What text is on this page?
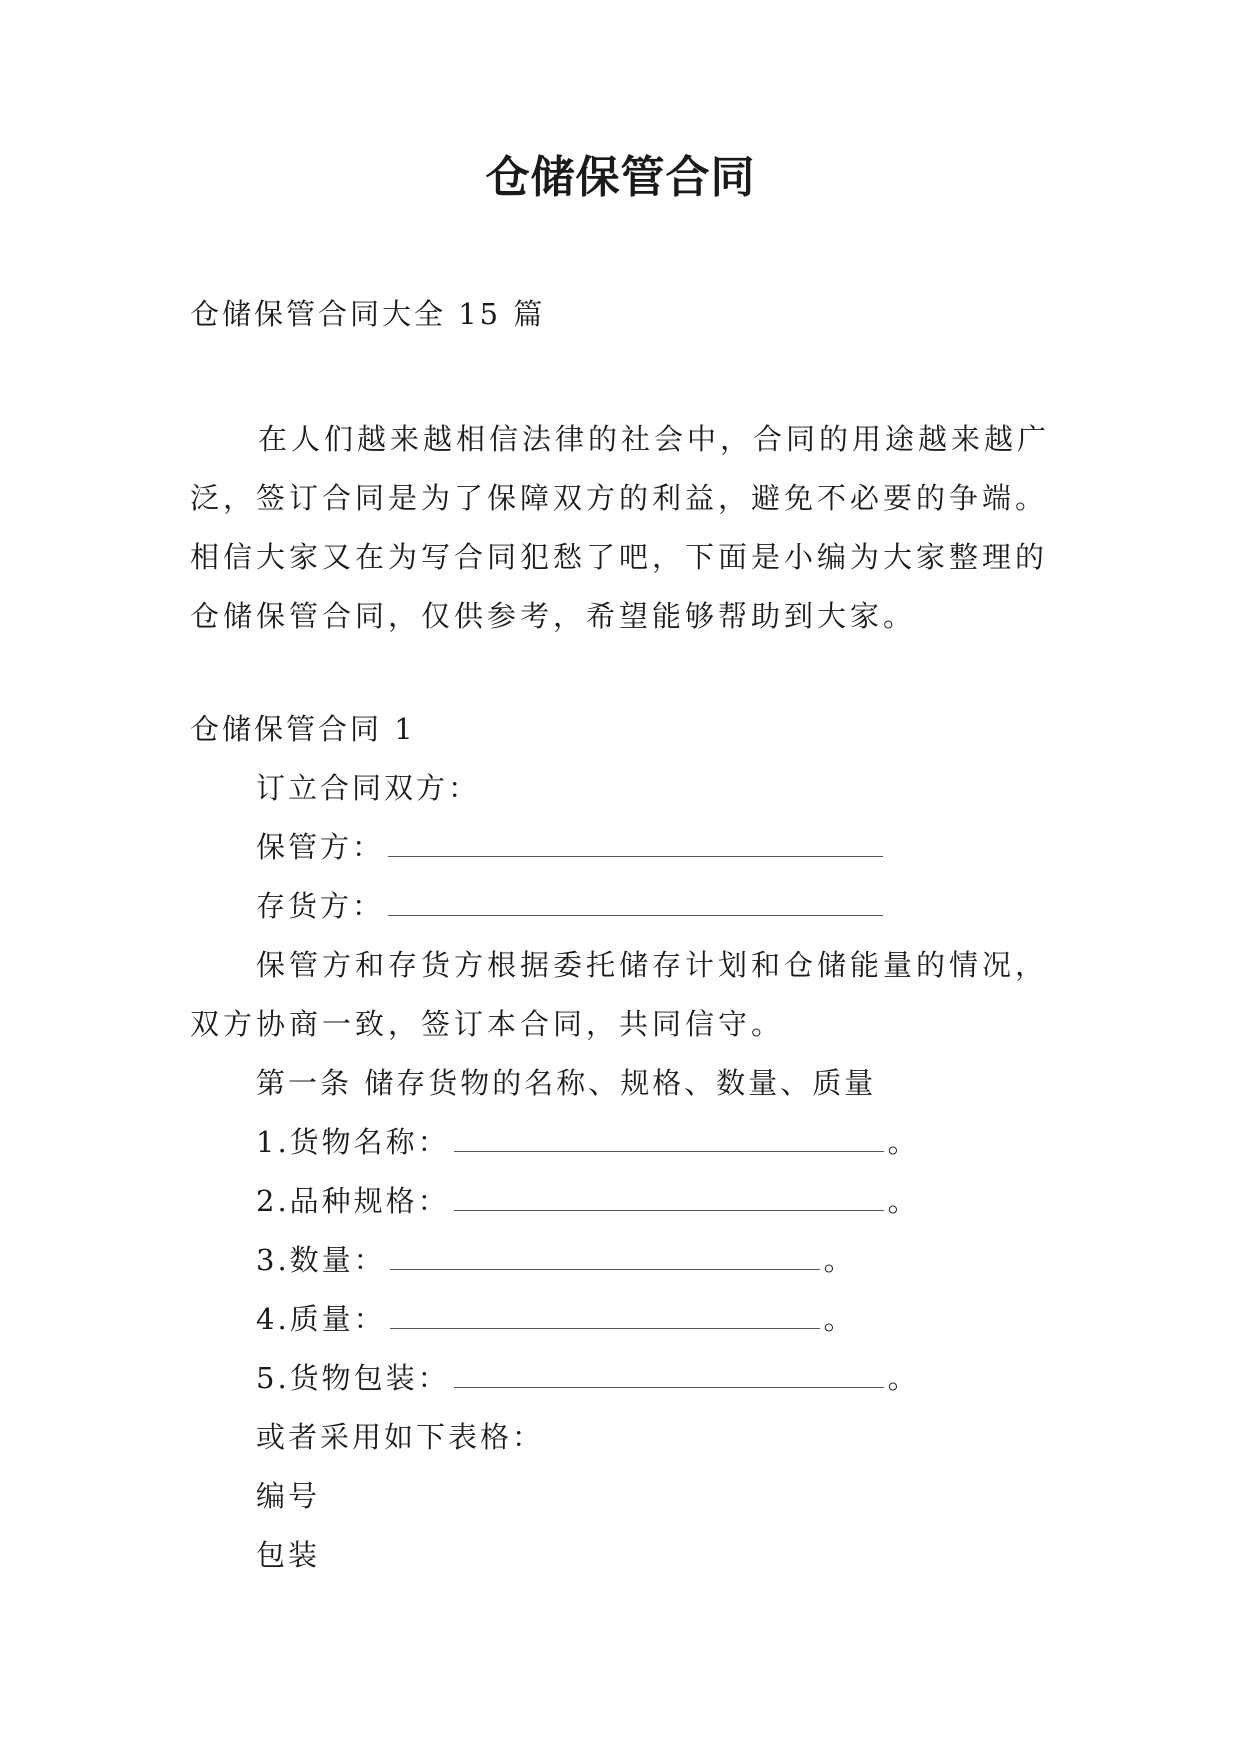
仓储保管合同
仓储保管合同大全 15 篇

在人们越来越相信法律的社会中，合同的用途越来越广泛，签订合同是为了保障双方的利益，避免不必要的争端。相信大家又在为写合同犯愁了吧，下面是小编为大家整理的仓储保管合同，仅供参考，希望能够帮助到大家。

仓储保管合同 1
订立合同双方：
保管方：
存货方：
保管方和存货方根据委托储存计划和仓储能量的情况，双方协商一致，签订本合同，共同信守。
第一条 储存货物的名称、规格、数量、质量
1.货物名称：	。
2.品种规格：	。
3.数量：	。
4.质量：	。
5.货物包装：	。
或者采用如下表格：
编号
包装
